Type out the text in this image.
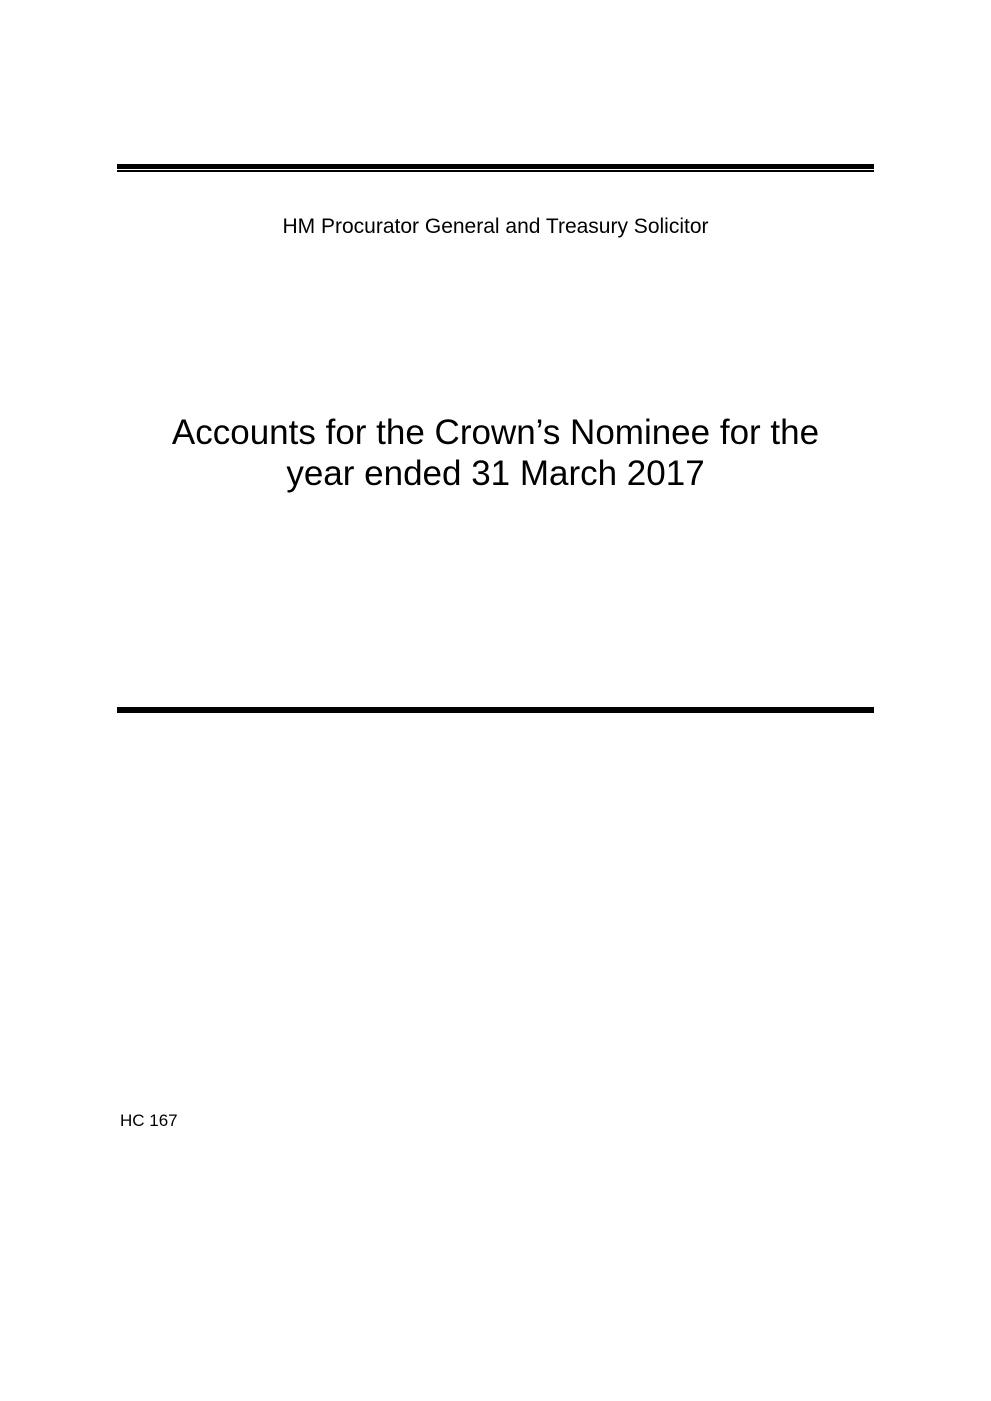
HM Procurator General and Treasury Solicitor
Accounts for the Crown’s Nominee for the
year ended 31 March 2017
HC 167
